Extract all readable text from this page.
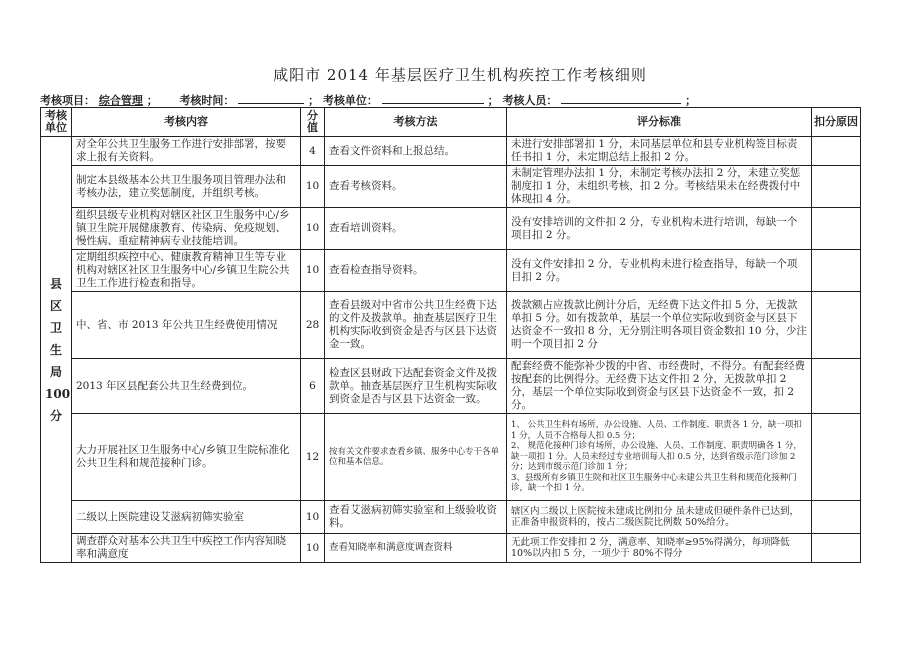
咸阳市 2014 年基层医疗卫生机构疾控工作考核细则
考核项目： 综合管理 ； 考核时间：	； 考核单位：	； 考核人员：	；
考核单位	考核内容	分值	考核方法	评分标准	扣分原因
县区卫生局100分	对全年公共卫生服务工作进行安排部署，按要求上报有关资料。	4	查看文件资料和上报总结。	未进行安排部署扣 1 分，未同基层单位和县专业机构签目标责任书扣 1 分，未定期总结上报扣 2 分。	
	制定本县级基本公共卫生服务项目管理办法和考核办法，建立奖惩制度，并组织考核。	10	查看考核资料。	未制定管理办法扣 1 分，未制定考核办法扣 2 分，未建立奖惩制度扣 1 分，未组织考核，扣 2 分。考核结果未在经费拨付中体现扣 4 分。	
	组织县级专业机构对辖区社区卫生服务中心/乡镇卫生院开展健康教育、传染病、免疫规划、慢性病、重症精神病专业技能培训。	10	查看培训资料。	没有安排培训的文件扣 2 分，专业机构未进行培训，每缺一个项目扣 2 分。	
	定期组织疾控中心、健康教育精神卫生等专业机构对辖区社区卫生服务中心/乡镇卫生院公共卫生工作进行检查和指导。	10	查看检查指导资料。	没有文件安排扣 2 分，专业机构未进行检查指导，每缺一个项目扣 2 分。	
	中、省、市 2013 年公共卫生经费使用情况	28	查看县级对中省市公共卫生经费下达的文件及拨款单。抽查基层医疗卫生机构实际收到资金是否与区县下达资金一致。	拨款额占应拨款比例计分后，无经费下达文件扣 5 分，无拨款单扣 5 分。如有拨款单，基层一个单位实际收到资金与区县下达资金不一致扣 8 分，无分别注明各项目资金数扣 10 分，少注明一个项目扣 2 分	
	2013 年区县配套公共卫生经费到位。	6	检查区县财政下达配套资金文件及拨款单。抽查基层医疗卫生机构实际收到资金是否与区县下达资金一致。	配套经费不能弥补少拨的中省、市经费时，不得分。有配套经费按配套的比例得分。无经费下达文件扣 2 分，无拨款单扣 2 分，基层一个单位实际收到资金与区县下达资金不一致，扣 2 分。	
	大力开展社区卫生服务中心/乡镇卫生院标准化公共卫生科和规范接种门诊。	12	按有关文件要求查看乡镇、服务中心专干各单位和基本信息。	1、 公共卫生科有场所，办公设施、人员、工作制度、职责各 1 分，缺一项扣 1 分，人员不合格每人扣 0.5 分；
2、 规范化接种门诊有场所，办公设施、人员、工作制度、职责明确各 1 分，缺一项扣 1 分。人员未经过专业培训每人扣 0.5 分，达到省级示范门诊加 2 分；达到市级示范门诊加 1 分；
3、县级所有乡镇卫生院和社区卫生服务中心未建公共卫生科和规范化接种门诊，缺一个扣 1 分。	

	二级以上医院建设艾滋病初筛实验室	10	查看艾滋病初筛实验室和上级验收资料。	辖区内二级以上医院按未建成比例扣分 虽未建成但硬件条件已达到，正准备申报资料的，按占二级医院比例数 50%给分。	
	调查群众对基本公共卫生中疾控工作内容知晓率和满意度	10	查看知晓率和满意度调查资料	无此项工作安排扣 2 分，满意率、知晓率≥95%得满分，每项降低 10%以内扣 5 分，一项少于 80%不得分	
